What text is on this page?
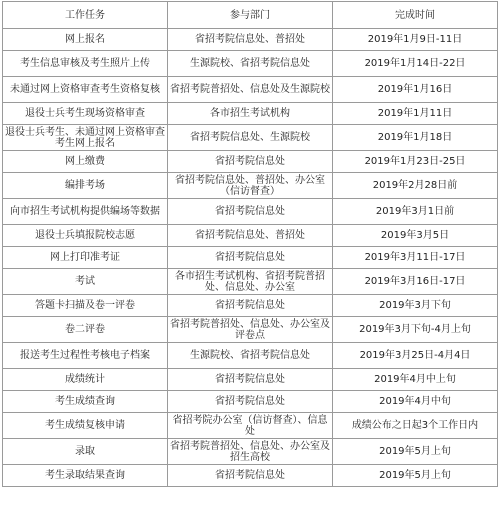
工作任务	参与部门	完成时间
网上报名	省招考院信息处、普招处	2019年1月9日-11日
考生信息审核及考生照片上传	生源院校、省招考院信息处	2019年1月14日-22日
未通过网上资格审查考生资格复核	省招考院普招处、信息处及生源院校	2019年1月16日
退役士兵考生现场资格审查	各市招生考试机构	2019年1月11日
退役士兵考生、未通过网上资格审查考生网上报名	省招考院信息处、生源院校	2019年1月18日
网上缴费	省招考院信息处	2019年1月23日-25日
编排考场	省招考院信息处、普招处、办公室（信访督查）	2019年2月28日前
向市招生考试机构提供编场等数据	省招考院信息处	2019年3月1日前
退役士兵填报院校志愿	省招考院信息处、普招处	2019年3月5日
网上打印准考证	省招考院信息处	2019年3月11日-17日
考试	各市招生考试机构、省招考院普招处、信息处、办公室	2019年3月16日-17日
答题卡扫描及卷一评卷	省招考院信息处	2019年3月下旬
卷二评卷	省招考院普招处、信息处、办公室及评卷点	2019年3月下旬-4月上旬
报送考生过程性考核电子档案	生源院校、省招考院信息处	2019年3月25日-4月4日
成绩统计	省招考院信息处	2019年4月中上旬
考生成绩查询	省招考院信息处	2019年4月中旬
考生成绩复核申请	省招考院办公室（信访督查）、信息处	成绩公布之日起3个工作日内
录取	省招考院普招处、信息处、办公室及招生高校	2019年5月上旬
考生录取结果查询	省招考院信息处	2019年5月上旬
